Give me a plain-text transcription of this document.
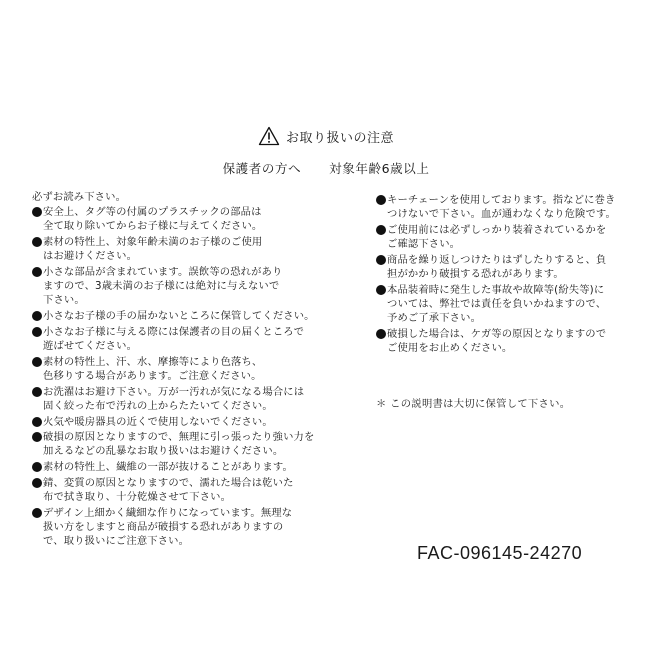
お取り扱いの注意
保護者の方へ 対象年齢6歳以上
必ずお読み下さい。
安全上、タグ等の付属のプラスチックの部品は
全て取り除いてからお子様に与えてください。
素材の特性上、対象年齢未満のお子様のご使用
はお避けください。
小さな部品が含まれています。誤飲等の恐れがあり
ますので、3歳未満のお子様には絶対に与えないで
下さい。
小さなお子様の手の届かないところに保管してください。
小さなお子様に与える際には保護者の目の届くところで
遊ばせてください。
素材の特性上、汗、水、摩擦等により色落ち、
色移りする場合があります。ご注意ください。
お洗濯はお避け下さい。万が一汚れが気になる場合には
固く絞った布で汚れの上からたたいてください。
火気や暖房器具の近くで使用しないでください。
破損の原因となりますので、無理に引っ張ったり強い力を
加えるなどの乱暴なお取り扱いはお避けください。
素材の特性上、繊維の一部が抜けることがあります。
錆、変質の原因となりますので、濡れた場合は乾いた
布で拭き取り、十分乾燥させて下さい。
デザイン上細かく繊細な作りになっています。無理な
扱い方をしますと商品が破損する恐れがありますの
で、取り扱いにご注意下さい。
キーチェーンを使用しております。指などに巻き
つけないで下さい。血が通わなくなり危険です。
ご使用前には必ずしっかり装着されているかを
ご確認下さい。
商品を繰り返しつけたりはずしたりすると、負
担がかかり破損する恐れがあります。
本品装着時に発生した事故や故障等(紛失等)に
ついては、弊社では責任を負いかねますので、
予めご了承下さい。
破損した場合は、ケガ等の原因となりますので
ご使用をお止めください。
＊ この説明書は大切に保管して下さい。
FAC-096145-24270
